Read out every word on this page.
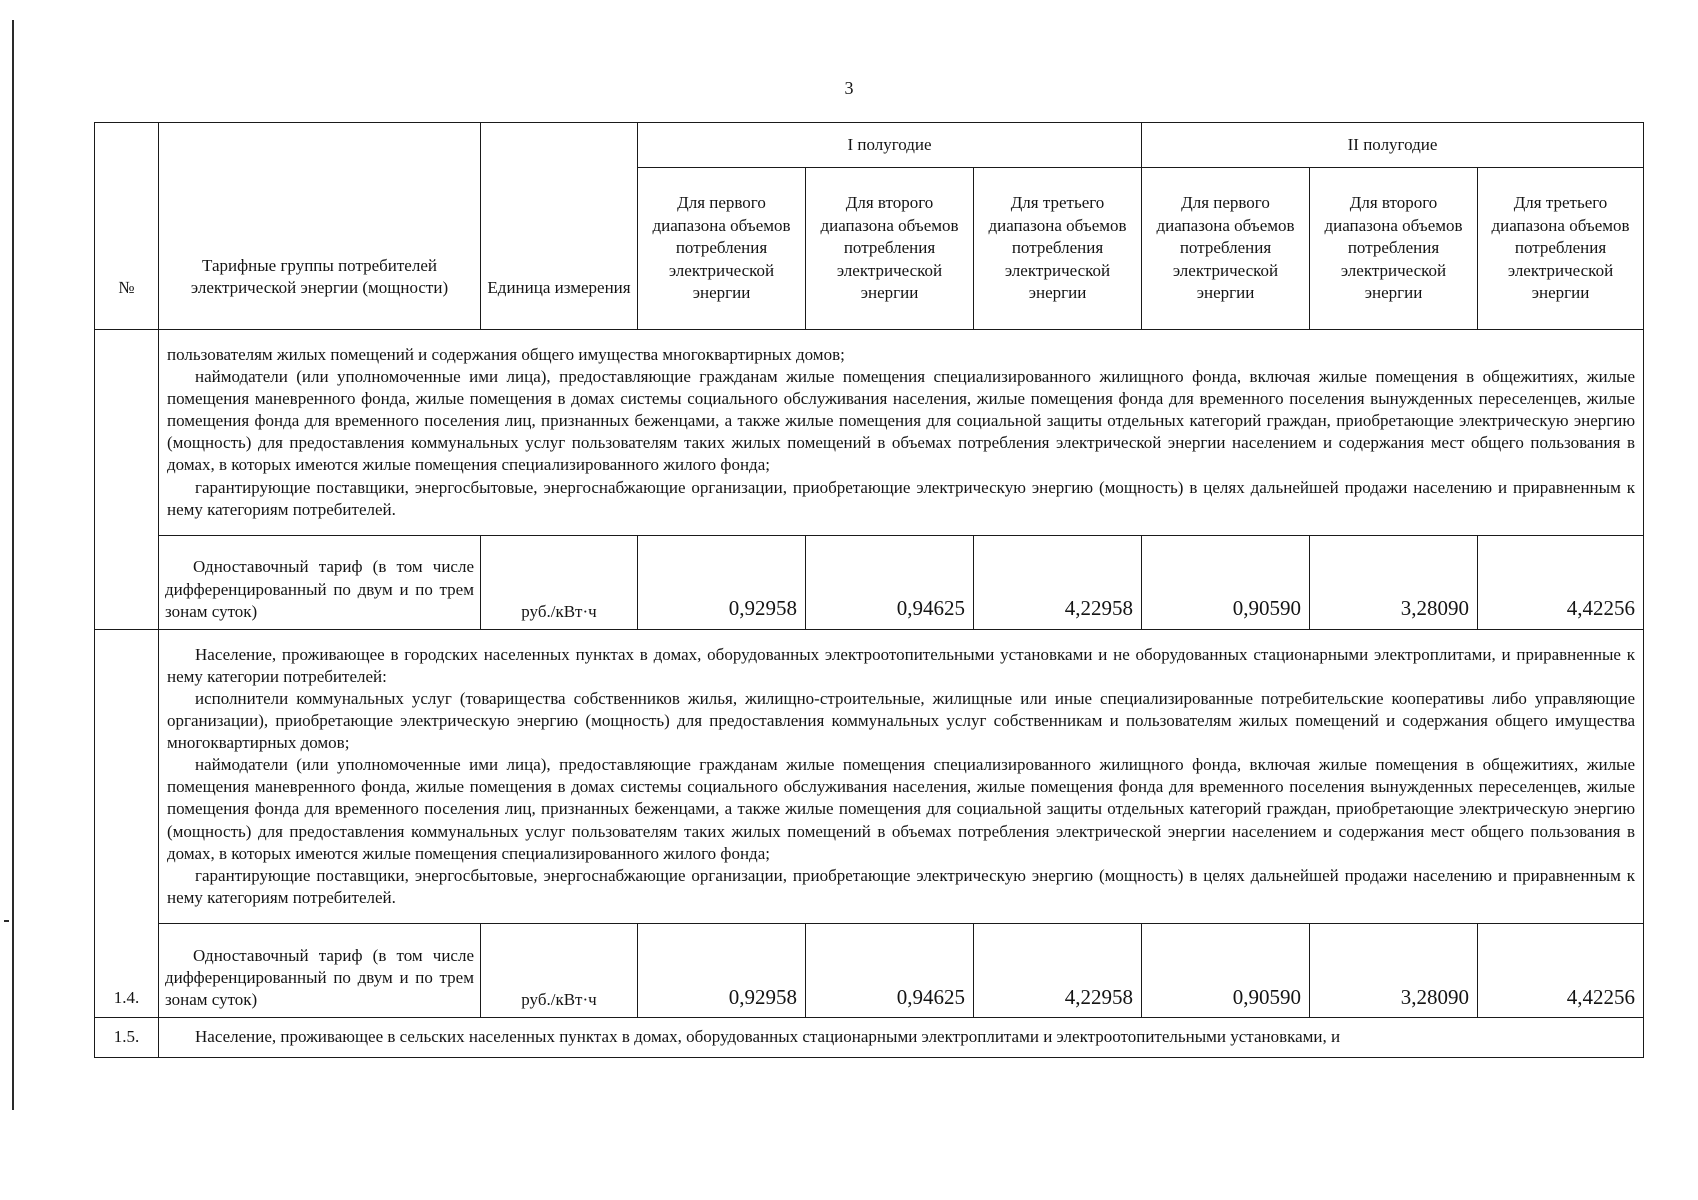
3
№	Тарифные группы потребителей электрической энергии (мощности)	Единица измерения	I полугодие			II полугодие		
			Для первого диапазона объемов потребления электрической энергии	Для второго диапазона объемов потребления электрической энергии	Для третьего диапазона объемов потребления электрической энергии	Для первого диапазона объемов потребления электрической энергии	Для второго диапазона объемов потребления электрической энергии	Для третьего диапазона объемов потребления электрической энергии

	пользователям жилых помещений и содержания общего имущества многоквартирных домов;

наймодатели (или уполномоченные ими лица), предоставляющие гражданам жилые помещения специализированного жилищного фонда, включая жилые помещения в общежитиях, жилые помещения маневренного фонда, жилые помещения в домах системы социального обслуживания населения, жилые помещения фонда для временного поселения вынужденных переселенцев, жилые помещения фонда для временного поселения лиц, признанных беженцами, а также жилые помещения для социальной защиты отдельных категорий граждан, приобретающие электрическую энергию (мощность) для предоставления коммунальных услуг пользователям таких жилых помещений в объемах потребления электрической энергии населением и содержания мест общего пользования в домах, в которых имеются жилые помещения специализированного жилого фонда;

гарантирующие поставщики, энергосбытовые, энергоснабжающие организации, приобретающие электрическую энергию (мощность) в целях дальнейшей продажи населению и приравненным к нему категориям потребителей.							

	Одноставочный тариф (в том числе дифференцированный по двум и по трем зонам суток)	руб./кВт·ч	0,92958	0,94625	4,22958	0,90590	3,28090	4,42256
1.4.	Население, проживающее в городских населенных пунктах в домах, оборудованных электроотопительными установками и не оборудованных стационарными электроплитами, и приравненные к нему категории потребителей:

исполнители коммунальных услуг (товарищества собственников жилья, жилищно-строительные, жилищные или иные специализированные потребительские кооперативы либо управляющие организации), приобретающие электрическую энергию (мощность) для предоставления коммунальных услуг собственникам и пользователям жилых помещений и содержания общего имущества многоквартирных домов;

наймодатели (или уполномоченные ими лица), предоставляющие гражданам жилые помещения специализированного жилищного фонда, включая жилые помещения в общежитиях, жилые помещения маневренного фонда, жилые помещения в домах системы социального обслуживания населения, жилые помещения фонда для временного поселения вынужденных переселенцев, жилые помещения фонда для временного поселения лиц, признанных беженцами, а также жилые помещения для социальной защиты отдельных категорий граждан, приобретающие электрическую энергию (мощность) для предоставления коммунальных услуг пользователям таких жилых помещений в объемах потребления электрической энергии населением и содержания мест общего пользования в домах, в которых имеются жилые помещения специализированного жилого фонда;

гарантирующие поставщики, энергосбытовые, энергоснабжающие организации, приобретающие электрическую энергию (мощность) в целях дальнейшей продажи населению и приравненным к нему категориям потребителей.							

	Одноставочный тариф (в том числе дифференцированный по двум и по трем зонам суток)	руб./кВт·ч	0,92958	0,94625	4,22958	0,90590	3,28090	4,42256
1.5.	Население, проживающее в сельских населенных пунктах в домах, оборудованных стационарными электроплитами и электроотопительными установками, и							
